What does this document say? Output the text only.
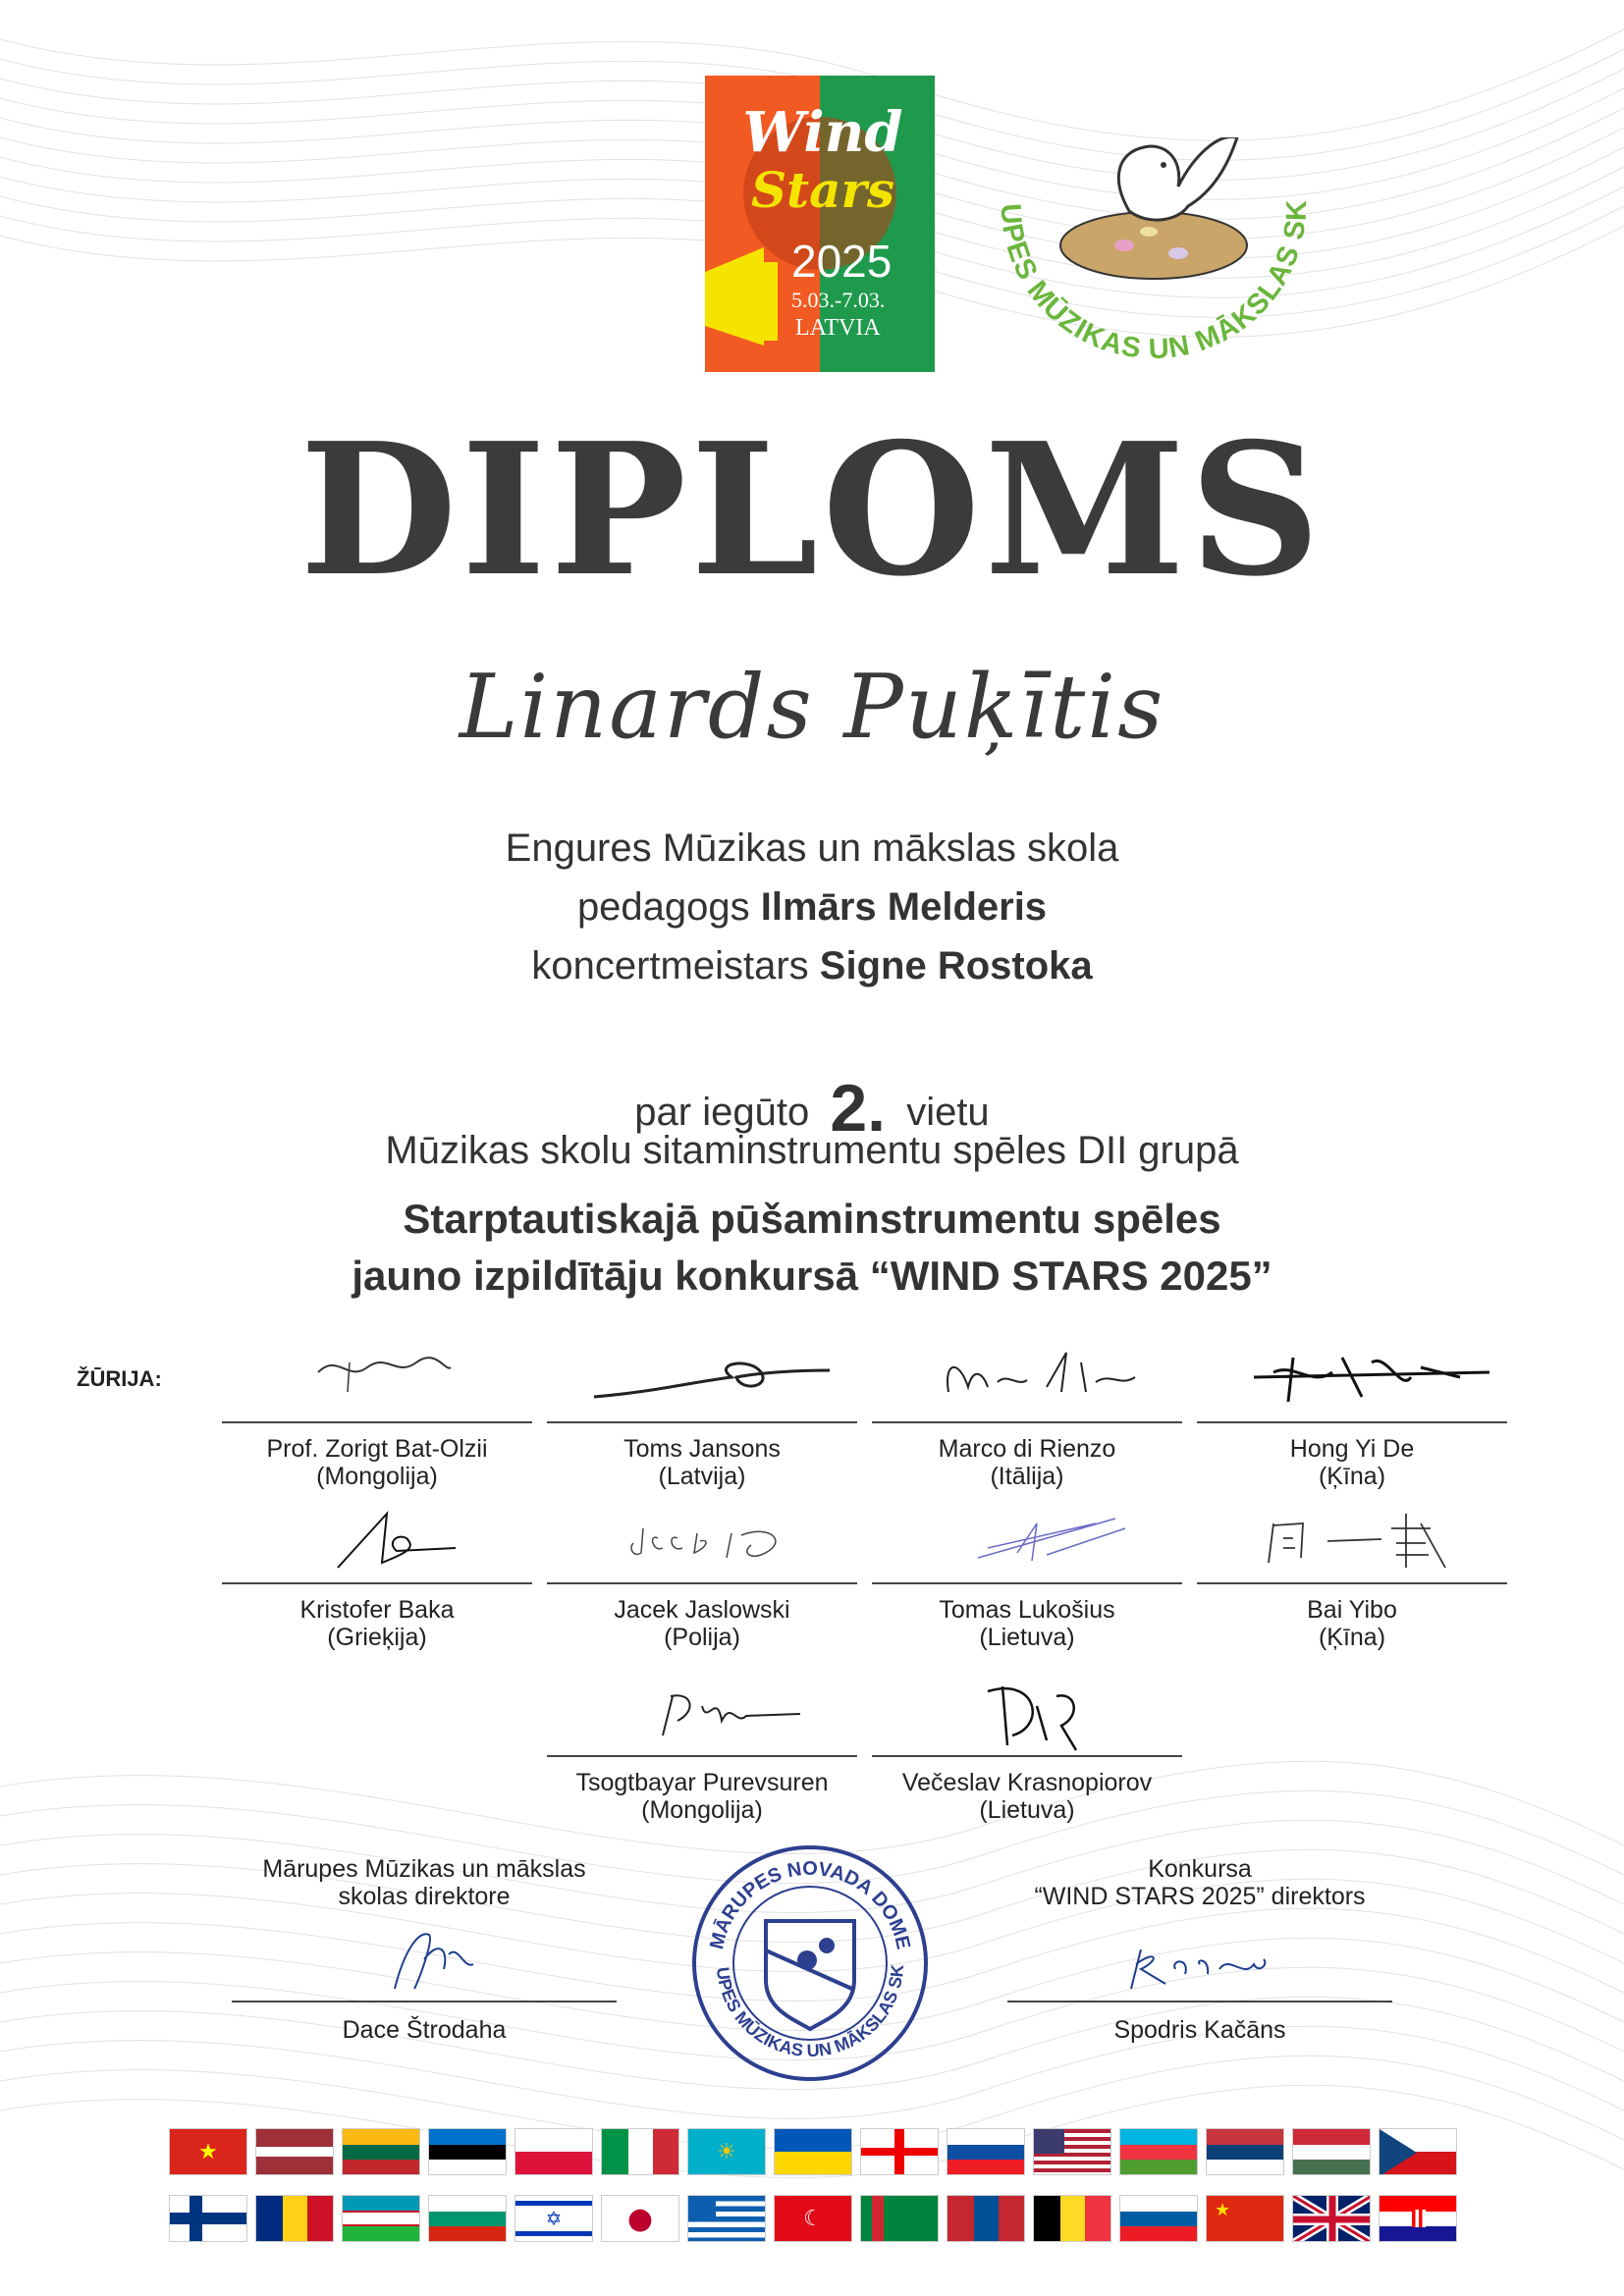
Wind
Stars
2025
5.03.-7.03.
LATVIA
UPES MŪZIKAS UN MĀKSLAS SK
DIPLOMS
Linards Puķītis
Engures Mūzikas un mākslas skola
pedagogs Ilmārs Melderis
koncertmeistars Signe Rostoka
par iegūto 2. vietu
Mūzikas skolu sitaminstrumentu spēles DII grupā
Starptautiskajā pūšaminstrumentu spēles
jauno izpildītāju konkursā “WIND STARS 2025”
ŽŪRIJA:
Prof. Zorigt Bat-Olzii
(Mongolija)
Toms Jansons
(Latvija)
Marco di Rienzo
(Itālija)
Hong Yi De
(Ķīna)
Kristofer Baka
(Grieķija)
Jacek Jaslowski
(Polija)
Tomas Lukošius
(Lietuva)
Bai Yibo
(Ķīna)
Tsogtbayar Purevsuren
(Mongolija)
Večeslav Krasnopiorov
(Lietuva)
Mārupes Mūzikas un mākslas
skolas direktore
Dace Štrodaha
MĀRUPES NOVADA DOME
UPES MŪZIKAS UN MĀKSLAS SK
Konkursa
“WIND STARS 2025” direktors
Spodris Kačāns
★	☀
✡	●	☾	★
